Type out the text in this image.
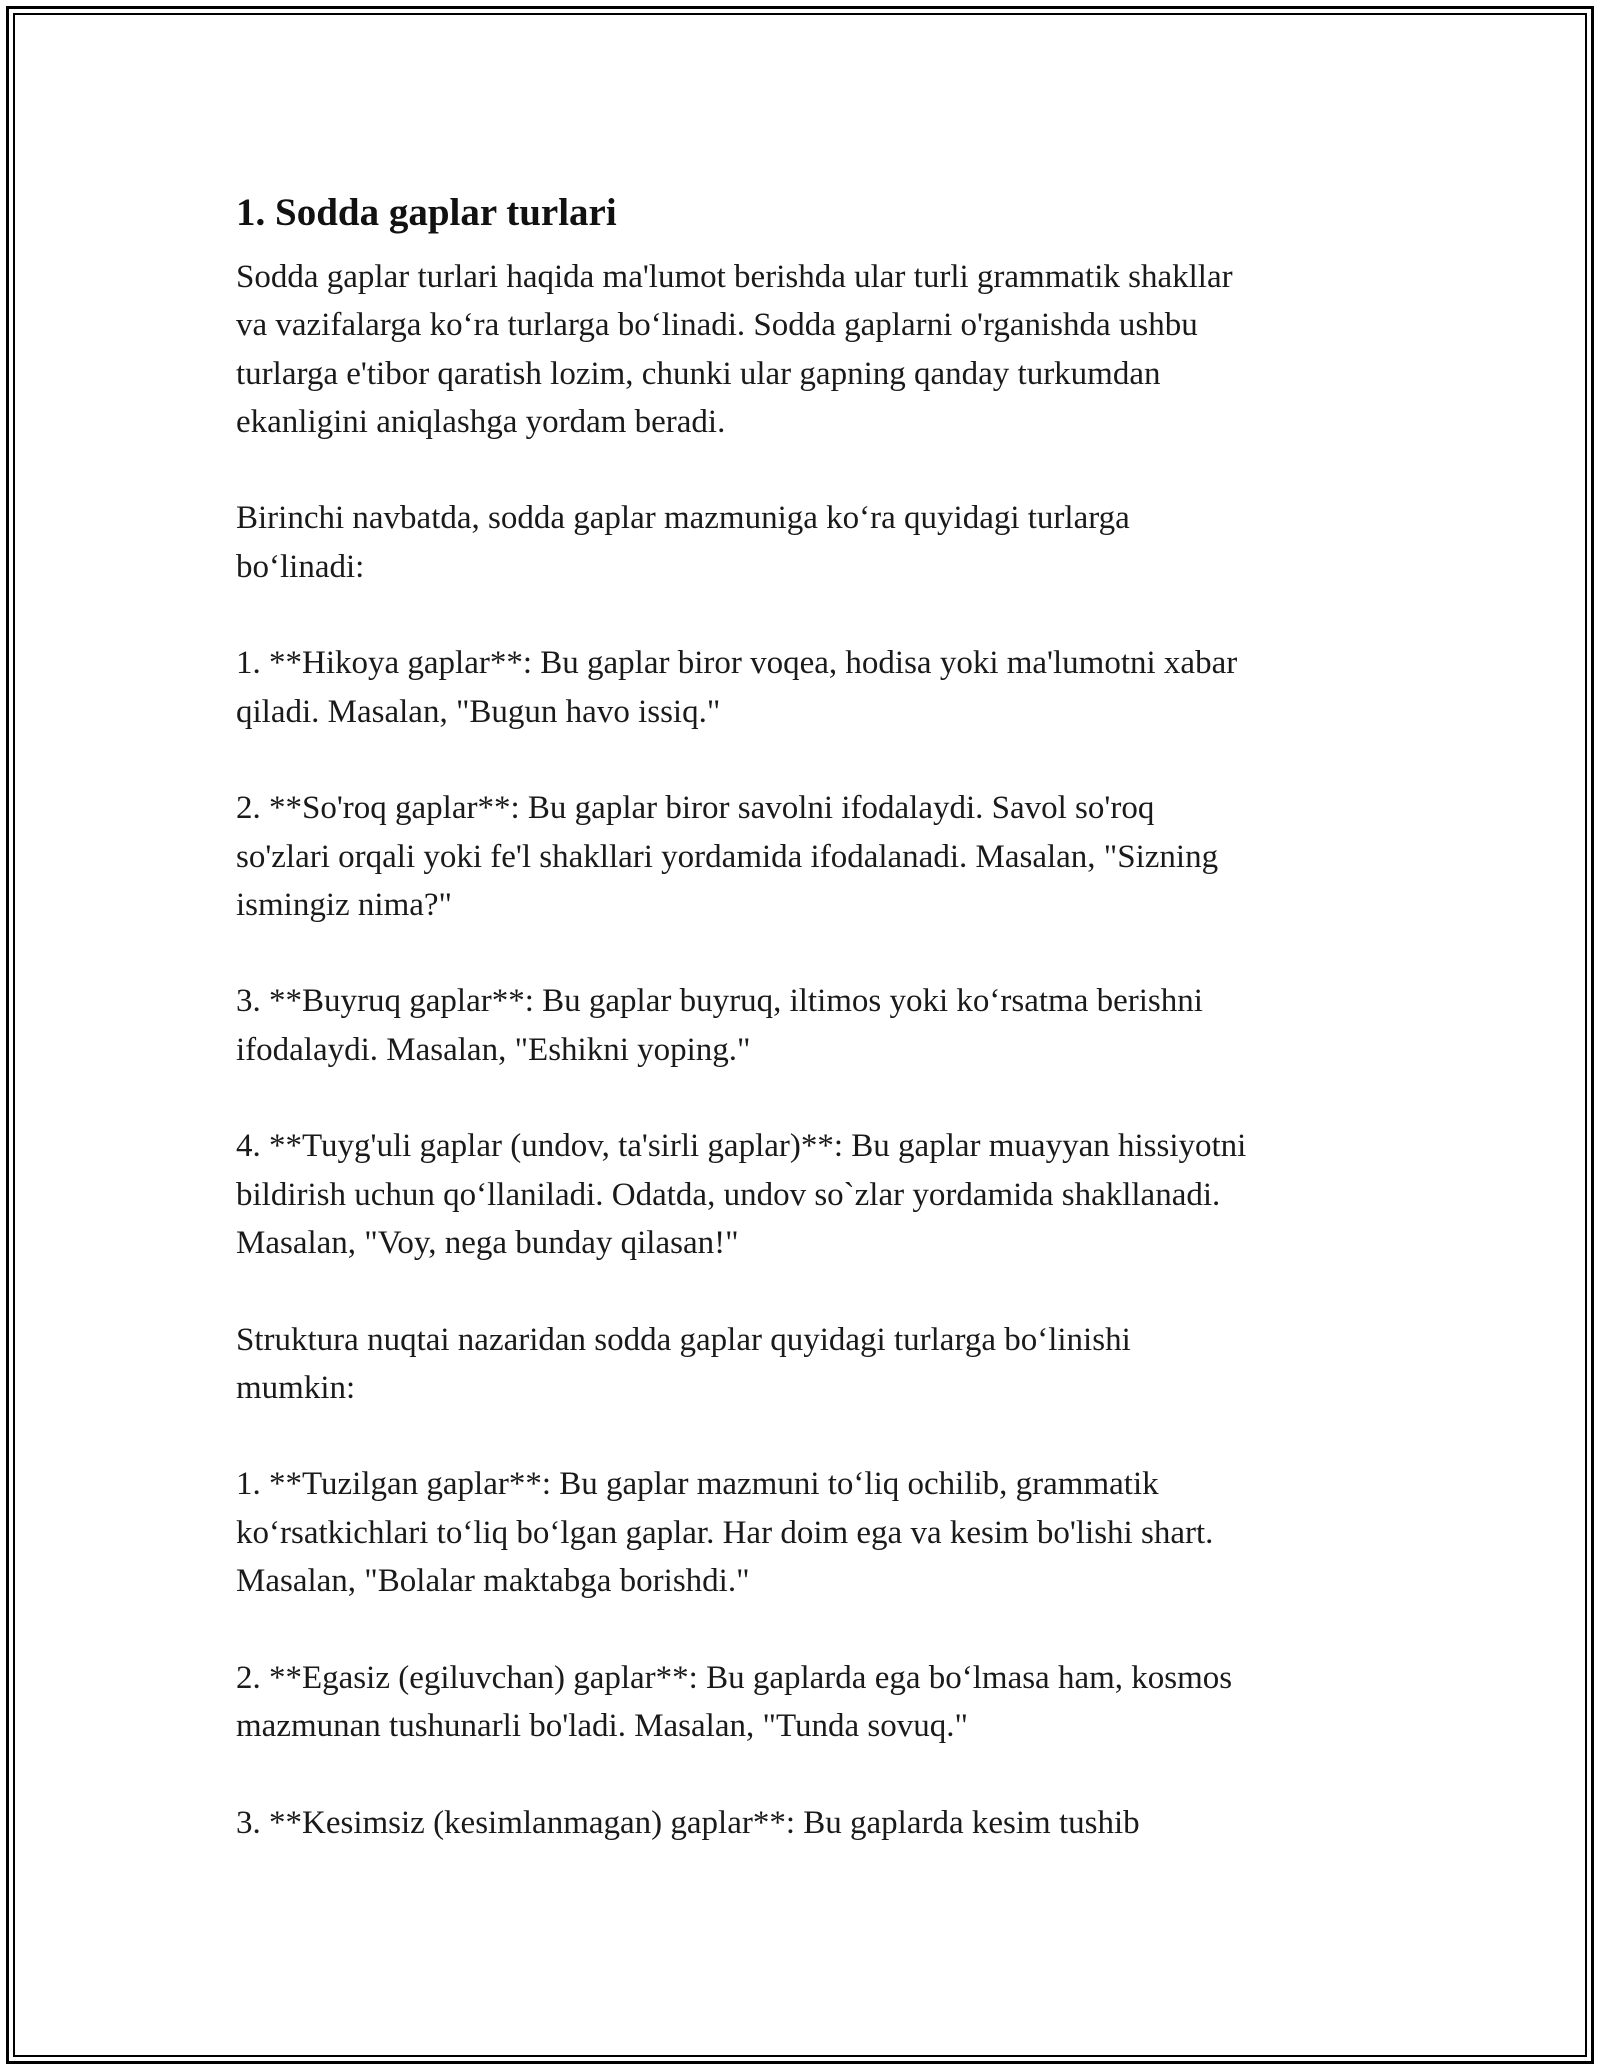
1. Sodda gaplar turlari

Sodda gaplar turlari haqida ma'lumot berishda ular turli grammatik shakllar
va vazifalarga ko‘ra turlarga bo‘linadi. Sodda gaplarni o'rganishda ushbu
turlarga e'tibor qaratish lozim, chunki ular gapning qanday turkumdan
ekanligini aniqlashga yordam beradi.

Birinchi navbatda, sodda gaplar mazmuniga ko‘ra quyidagi turlarga
bo‘linadi:

1. **Hikoya gaplar**: Bu gaplar biror voqea, hodisa yoki ma'lumotni xabar
qiladi. Masalan, "Bugun havo issiq."

2. **So'roq gaplar**: Bu gaplar biror savolni ifodalaydi. Savol so'roq
so'zlari orqali yoki fe'l shakllari yordamida ifodalanadi. Masalan, "Sizning
ismingiz nima?"

3. **Buyruq gaplar**: Bu gaplar buyruq, iltimos yoki ko‘rsatma berishni
ifodalaydi. Masalan, "Eshikni yoping."

4. **Tuyg'uli gaplar (undov, ta'sirli gaplar)**: Bu gaplar muayyan hissiyotni
bildirish uchun qo‘llaniladi. Odatda, undov so`zlar yordamida shakllanadi.
Masalan, "Voy, nega bunday qilasan!"

Struktura nuqtai nazaridan sodda gaplar quyidagi turlarga bo‘linishi
mumkin:

1. **Tuzilgan gaplar**: Bu gaplar mazmuni to‘liq ochilib, grammatik
ko‘rsatkichlari to‘liq bo‘lgan gaplar. Har doim ega va kesim bo'lishi shart.
Masalan, "Bolalar maktabga borishdi."

2. **Egasiz (egiluvchan) gaplar**: Bu gaplarda ega bo‘lmasa ham, kosmos
mazmunan tushunarli bo'ladi. Masalan, "Tunda sovuq."

3. **Kesimsiz (kesimlanmagan) gaplar**: Bu gaplarda kesim tushib
